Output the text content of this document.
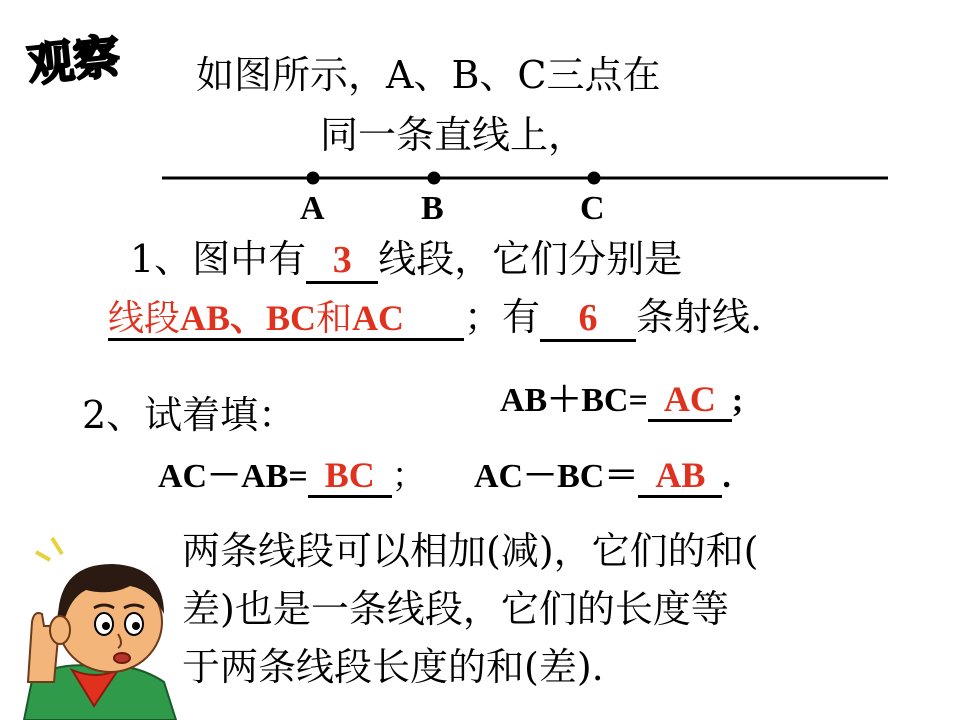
观察 如图所示，A、B、C三点在
同一条直线上，
A	B	C
1、图中有 3 线段，它们分别是
线段AB、BC和AC ；有 6 条射线.
2、试着填：	AB＋BC= AC ;
AC－AB= BC ； AC－BC＝ AB .
两条线段可以相加(减)，它们的和(
差)也是一条线段，它们的长度等
于两条线段长度的和(差).
